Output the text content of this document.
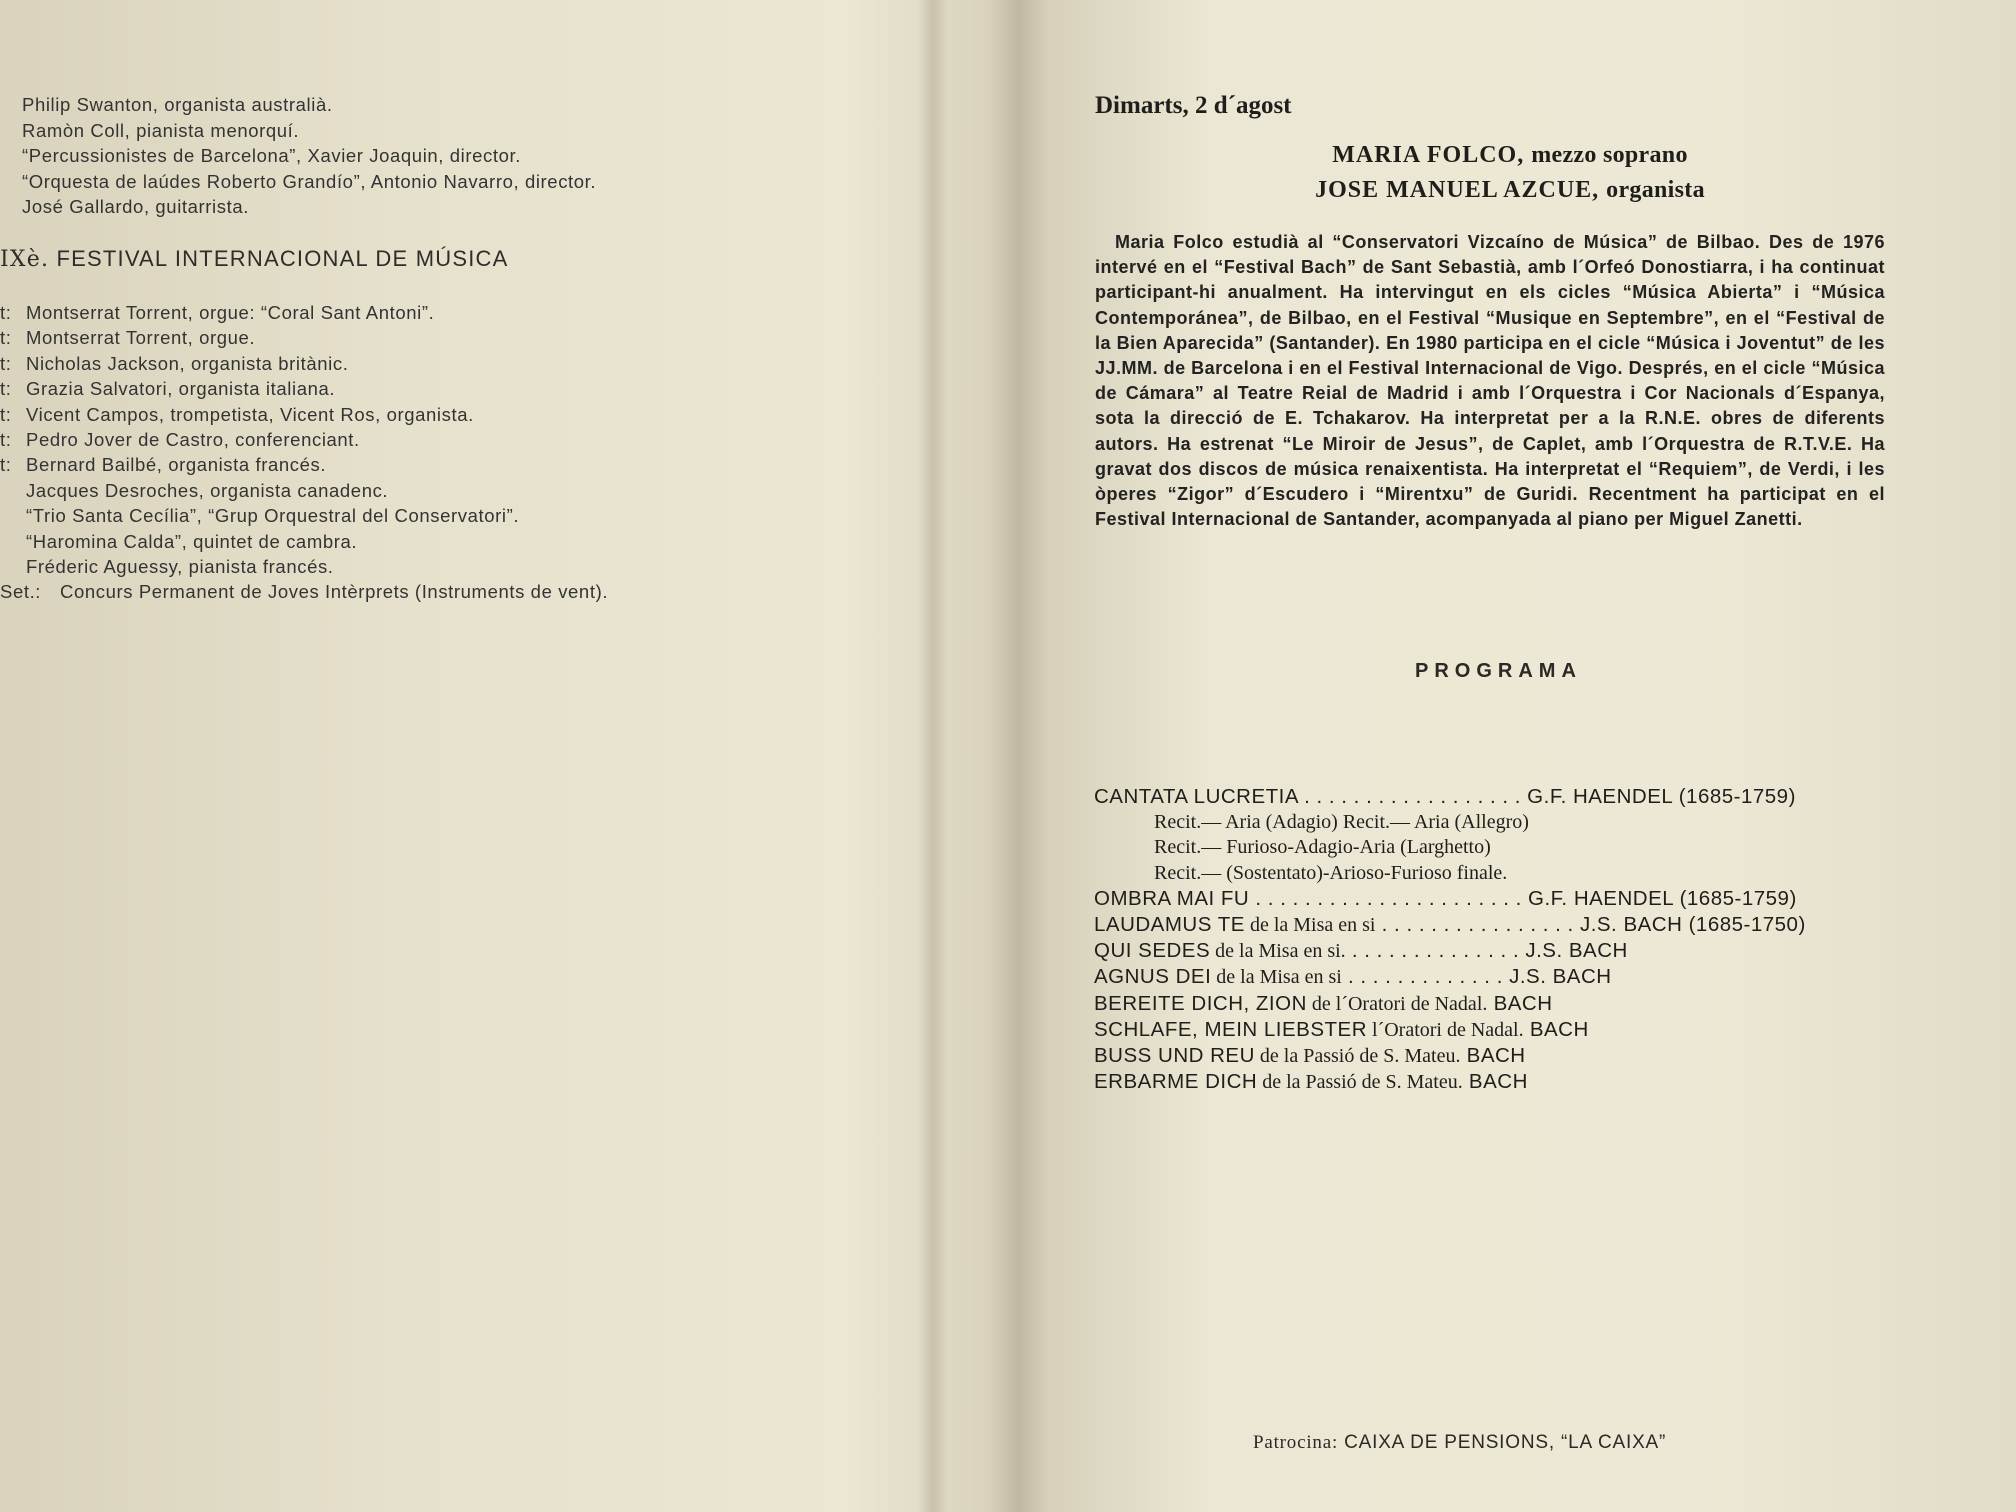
Philip Swanton, organista australià.
Ramòn Coll, pianista menorquí.
“Percussionistes de Barcelona”, Xavier Joaquin, director.
“Orquesta de laúdes Roberto Grandío”, Antonio Navarro, director.
José Gallardo, guitarrista.
IXè. FESTIVAL INTERNACIONAL DE MÚSICA
t: Montserrat Torrent, orgue: “Coral Sant Antoni”.
t: Montserrat Torrent, orgue.
t: Nicholas Jackson, organista britànic.
t: Grazia Salvatori, organista italiana.
t: Vicent Campos, trompetista, Vicent Ros, organista.
t: Pedro Jover de Castro, conferenciant.
t: Bernard Bailbé, organista francés.
Jacques Desroches, organista canadenc.
“Trio Santa Cecília”, “Grup Orquestral del Conservatori”.
“Haromina Calda”, quintet de cambra.
Fréderic Aguessy, pianista francés.
Set.: Concurs Permanent de Joves Intèrprets (Instruments de vent).
Dimarts, 2 d´agost
MARIA FOLCO, mezzo soprano
JOSE MANUEL AZCUE, organista

Maria Folco estudià al “Conservatori Vizcaíno de Música” de Bilbao. Des de 1976 intervé en el “Festival Bach” de Sant Sebastià, amb l´Orfeó Donostiarra, i ha continuat participant-hi anualment. Ha intervingut en els cicles “Música Abierta” i “Música Contemporánea”, de Bilbao, en el Festival “Musique en Septembre”, en el “Festival de la Bien Aparecida” (Santander). En 1980 participa en el cicle “Música i Joventut” de les JJ.MM. de Barcelona i en el Festival Internacional de Vigo. Després, en el cicle “Música de Cámara” al Teatre Reial de Madrid i amb l´Orquestra i Cor Nacionals d´Espanya, sota la direcció de E. Tchakarov. Ha interpretat per a la R.N.E. obres de diferents autors. Ha estrenat “Le Miroir de Jesus”, de Caplet, amb l´Orquestra de R.T.V.E. Ha gravat dos discos de música renaixentista. Ha interpretat el “Requiem”, de Verdi, i les òperes “Zigor” d´Escudero i “Mirentxu” de Guridi. Recentment ha participat en el Festival Internacional de Santander, acompanyada al piano per Miguel Zanetti.

PROGRAMA
CANTATA LUCRETIA . . . . . . . . . . . . . . . . . . G.F. HAENDEL (1685-1759)
Recit.— Aria (Adagio) Recit.— Aria (Allegro)
Recit.— Furioso-Adagio-Aria (Larghetto)
Recit.— (Sostentato)-Arioso-Furioso finale.
OMBRA MAI FU . . . . . . . . . . . . . . . . . . . . . . G.F. HAENDEL (1685-1759)
LAUDAMUS TE de la Misa en si . . . . . . . . . . . . . . . . J.S. BACH (1685-1750)
QUI SEDES de la Misa en si. . . . . . . . . . . . . . . J.S. BACH
AGNUS DEI de la Misa en si . . . . . . . . . . . . . J.S. BACH
BEREITE DICH, ZION de l´Oratori de Nadal. BACH
SCHLAFE, MEIN LIEBSTER l´Oratori de Nadal. BACH
BUSS UND REU de la Passió de S. Mateu. BACH
ERBARME DICH de la Passió de S. Mateu. BACH
Patrocina: CAIXA DE PENSIONS, “LA CAIXA”
